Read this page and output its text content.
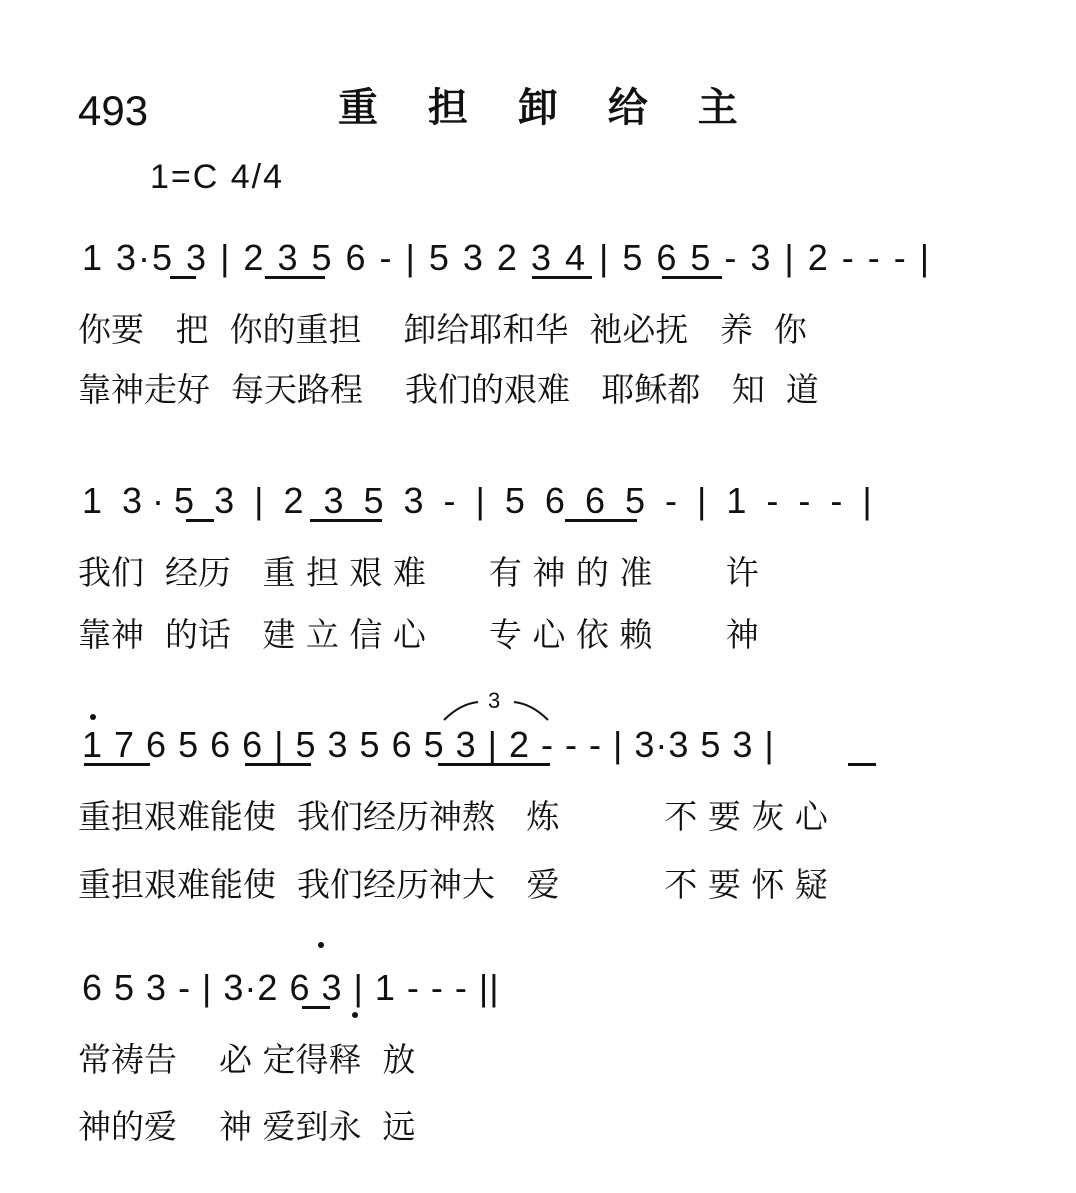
493	重 担 卸 给 主
1=C 4/4
1 3·5 3 | 2 3 5 6 - | 5 3 2 3 4 | 5 6 5 - 3 | 2 - - - |
你要   把  你的重担    卸给耶和华  祂必抚   养  你
靠神走好  每天路程    我们的艰难   耶稣都   知  道
1  3 · 5  3  |  2  3  5  3  -  |  5  6  6  5  -  |  1  -  -  -  |
我们  经历   重 担 艰 难      有 神 的 准       许
靠神  的话   建 立 信 心      专 心 依 赖       神
3
1 7 6 5 6 6 | 5 3 5 6 5 3 | 2 - - - | 3·3 5 3 |
重担艰难能使  我们经历神熬   炼          不 要 灰 心
重担艰难能使  我们经历神大   爱          不 要 怀 疑
6 5 3 - | 3·2 6 3 | 1 - - - ||
常祷告    必 定得释  放
神的爱    神 爱到永  远
